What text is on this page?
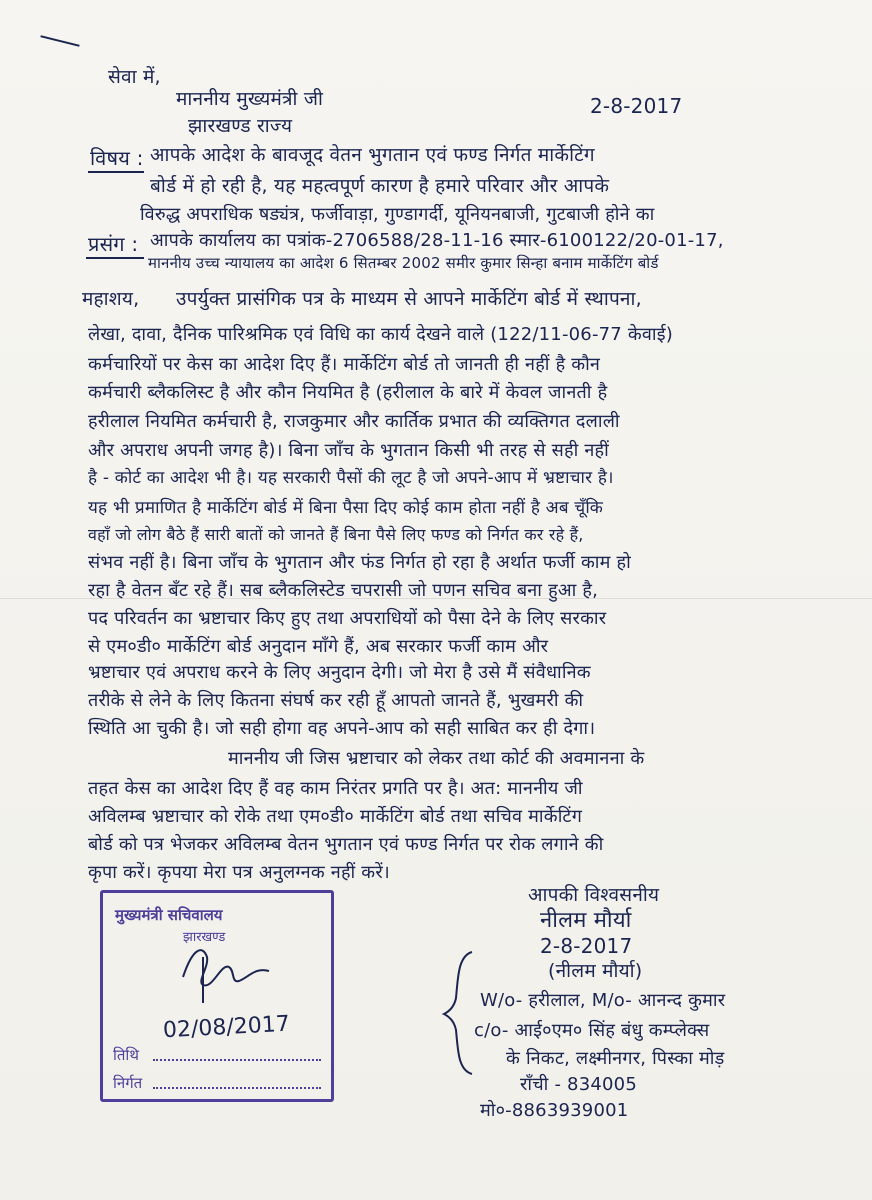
सेवा में,
माननीय मुख्यमंत्री जी
झारखण्ड राज्य
2-8-2017
विषय : आपके आदेश के बावजूद वेतन भुगतान एवं फण्ड निर्गत मार्केटिंग
बोर्ड में हो रही है, यह महत्वपूर्ण कारण है हमारे परिवार और आपके
विरुद्ध अपराधिक षड्यंत्र, फर्जीवाड़ा, गुण्डागर्दी, यूनियनबाजी, गुटबाजी होने का
प्रसंग : आपके कार्यालय का पत्रांक-2706588/28-11-16 स्मार-6100122/20-01-17,
माननीय उच्च न्यायालय का आदेश 6 सितम्बर 2002 समीर कुमार सिन्हा बनाम मार्केटिंग बोर्ड
महाशय, उपर्युक्त प्रासंगिक पत्र के माध्यम से आपने मार्केटिंग बोर्ड में स्थापना,
लेखा, दावा, दैनिक पारिश्रमिक एवं विधि का कार्य देखने वाले (122/11-06-77 केवाई)
कर्मचारियों पर केस का आदेश दिए हैं। मार्केटिंग बोर्ड तो जानती ही नहीं है कौन
कर्मचारी ब्लैकलिस्ट है और कौन नियमित है (हरीलाल के बारे में केवल जानती है
हरीलाल नियमित कर्मचारी है, राजकुमार और कार्तिक प्रभात की व्यक्तिगत दलाली
और अपराध अपनी जगह है)। बिना जाँच के भुगतान किसी भी तरह से सही नहीं
है - कोर्ट का आदेश भी है। यह सरकारी पैसों की लूट है जो अपने-आप में भ्रष्टाचार है।
यह भी प्रमाणित है मार्केटिंग बोर्ड में बिना पैसा दिए कोई काम होता नहीं है अब चूँकि
वहाँ जो लोग बैठे हैं सारी बातों को जानते हैं बिना पैसे लिए फण्ड को निर्गत कर रहे हैं,
संभव नहीं है। बिना जाँच के भुगतान और फंड निर्गत हो रहा है अर्थात फर्जी काम हो
रहा है वेतन बँट रहे हैं। सब ब्लैकलिस्टेड चपरासी जो पणन सचिव बना हुआ है,
पद परिवर्तन का भ्रष्टाचार किए हुए तथा अपराधियों को पैसा देने के लिए सरकार
से एम०डी० मार्केटिंग बोर्ड अनुदान माँगे हैं, अब सरकार फर्जी काम और
भ्रष्टाचार एवं अपराध करने के लिए अनुदान देगी। जो मेरा है उसे मैं संवैधानिक
तरीके से लेने के लिए कितना संघर्ष कर रही हूँ आपतो जानते हैं, भुखमरी की
स्थिति आ चुकी है। जो सही होगा वह अपने-आप को सही साबित कर ही देगा।
माननीय जी जिस भ्रष्टाचार को लेकर तथा कोर्ट की अवमानना के
तहत केस का आदेश दिए हैं वह काम निरंतर प्रगति पर है। अत: माननीय जी
अविलम्ब भ्रष्टाचार को रोके तथा एम०डी० मार्केटिंग बोर्ड तथा सचिव मार्केटिंग
बोर्ड को पत्र भेजकर अविलम्ब वेतन भुगतान एवं फण्ड निर्गत पर रोक लगाने की
कृपा करें। कृपया मेरा पत्र अनुलग्नक नहीं करें।
आपकी विश्वसनीय
नीलम मौर्या
2-8-2017
(नीलम मौर्या)
W/o- हरीलाल, M/o- आनन्द कुमार
c/o- आई०एम० सिंह बंधु कम्प्लेक्स
के निकट, लक्ष्मीनगर, पिस्का मोड़
राँची - 834005
मो०-8863939001
मुख्यमंत्री सचिवालय
झारखण्ड
02/08/2017
तिथि
निर्गत
